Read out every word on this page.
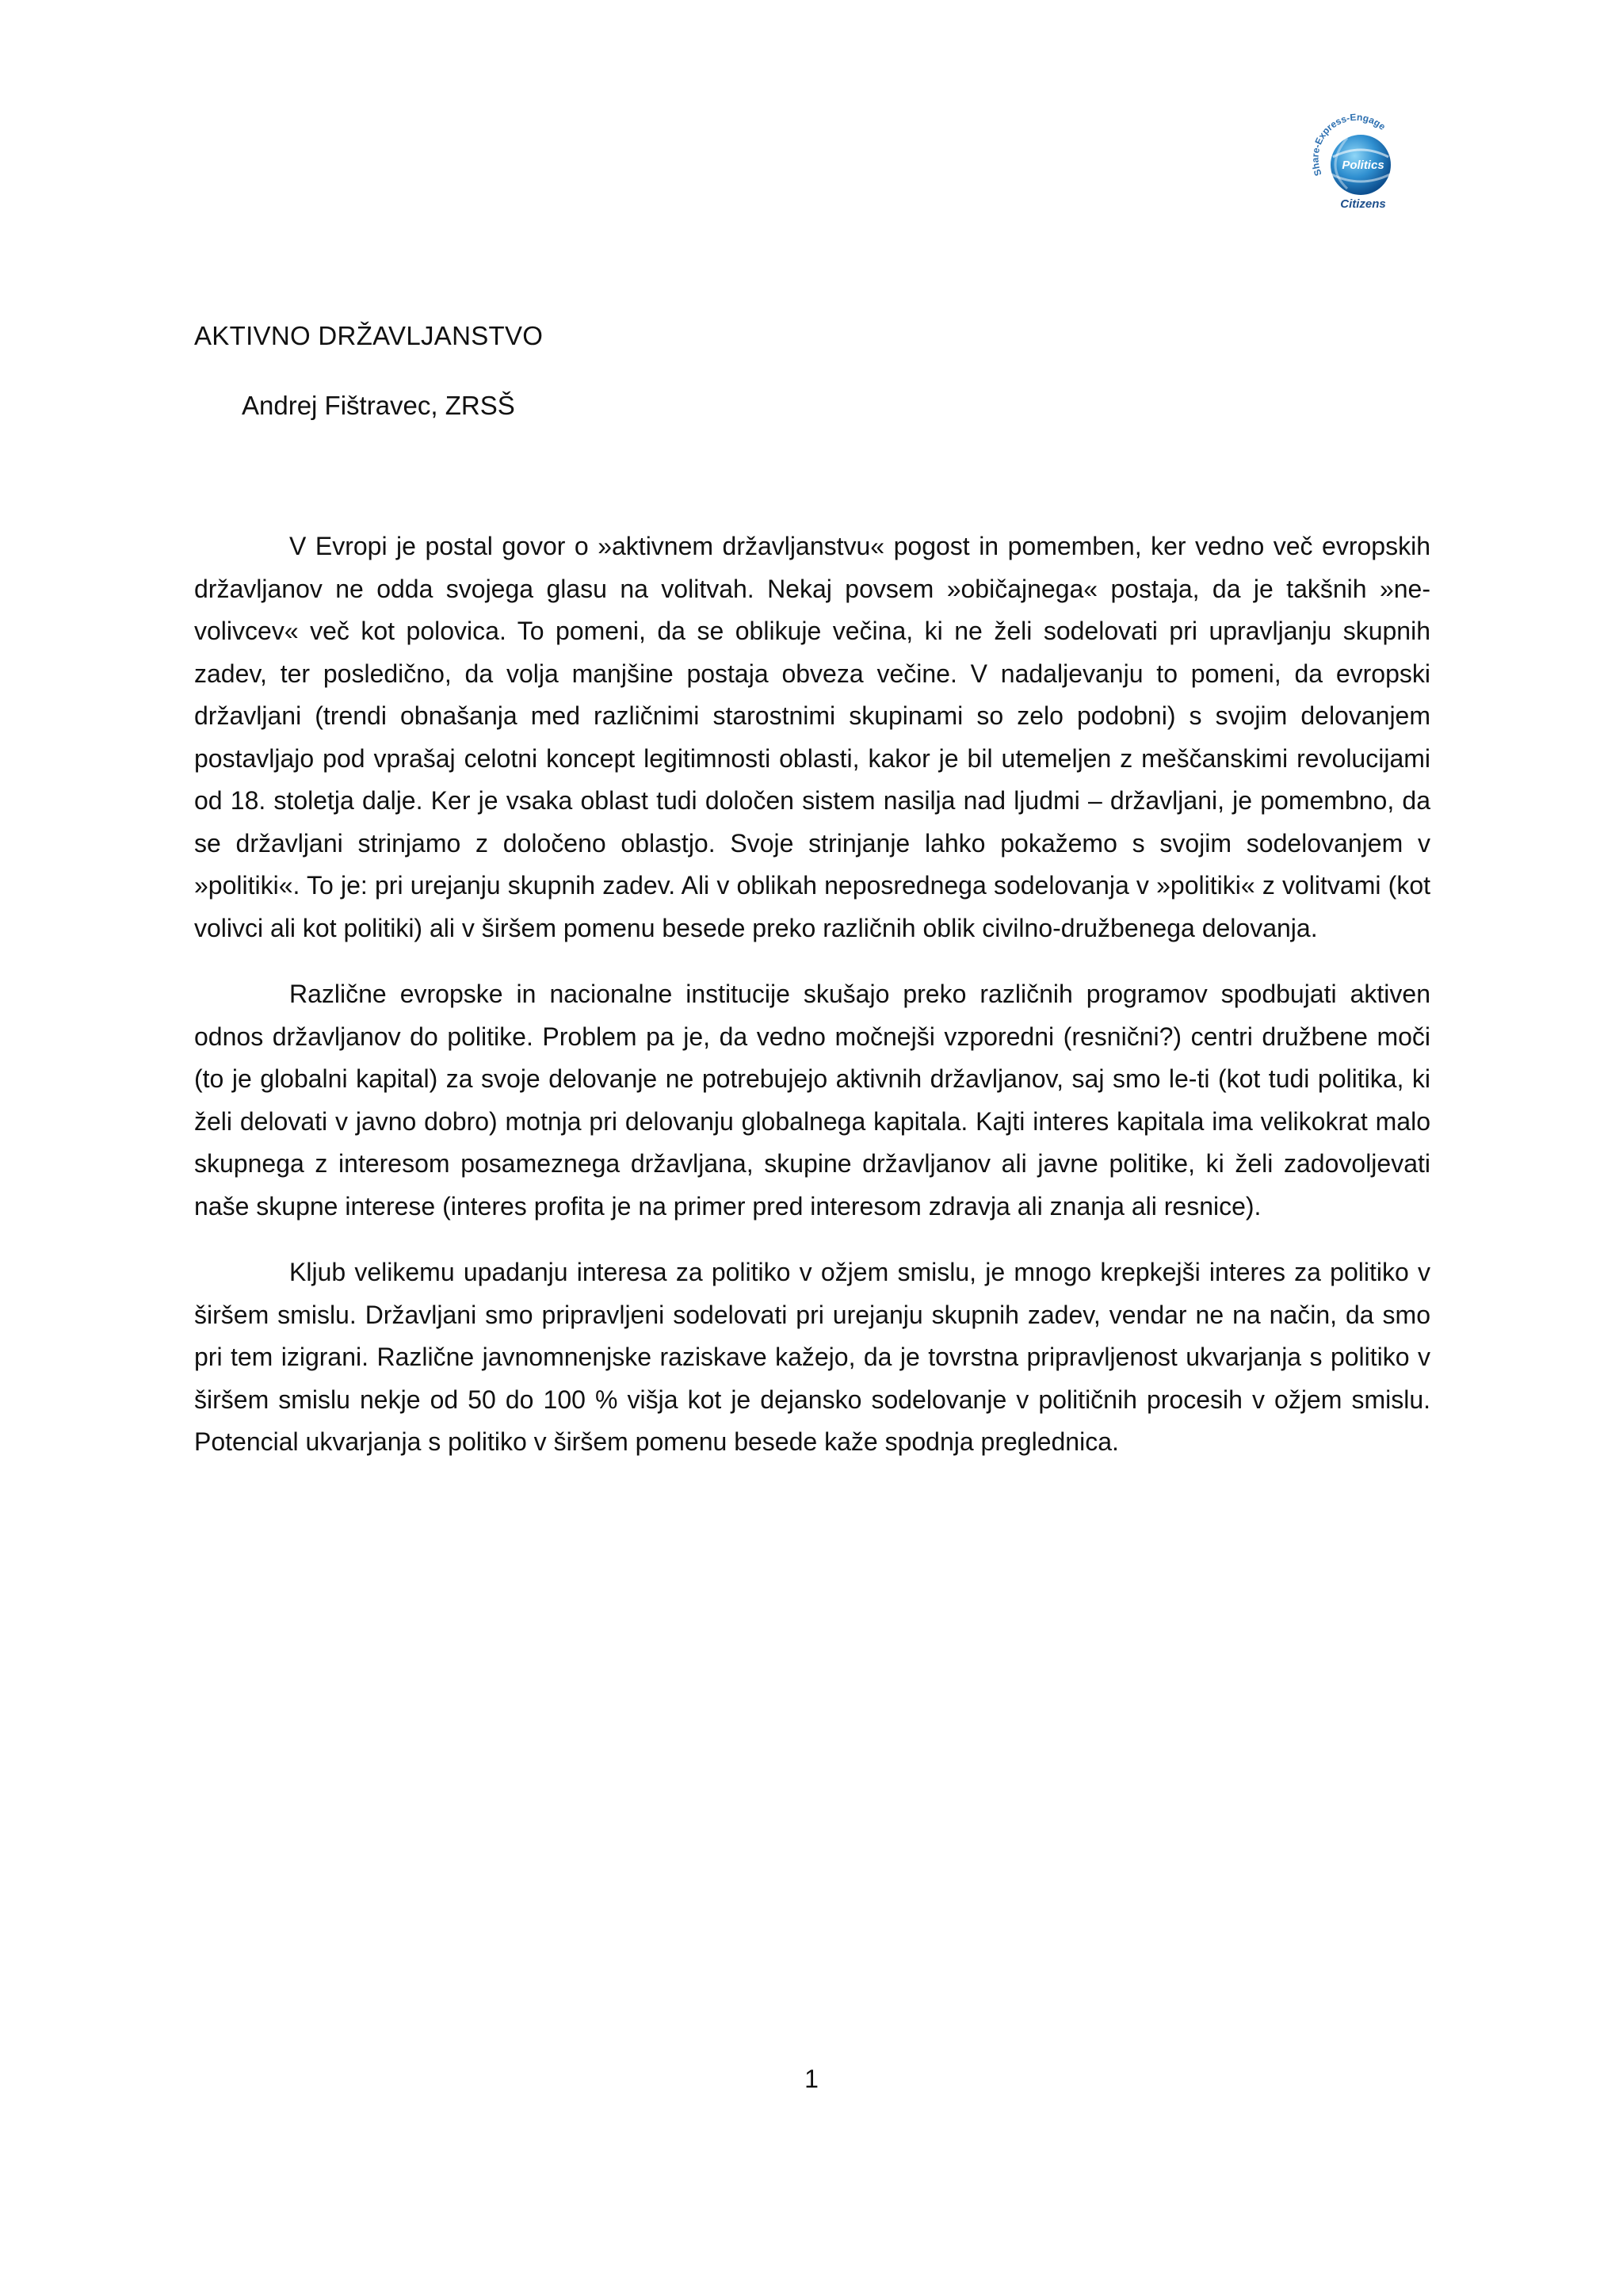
Share-Express-Engage
Politics
Citizens
AKTIVNO DRŽAVLJANSTVO
Andrej Fištravec, ZRSŠ

V Evropi je postal govor o »aktivnem državljanstvu« pogost in pomemben, ker vedno več evropskih državljanov ne odda svojega glasu na volitvah. Nekaj povsem »običajnega« postaja, da je takšnih »ne-volivcev« več kot polovica. To pomeni, da se oblikuje večina, ki ne želi sodelovati pri upravljanju skupnih zadev, ter posledično, da volja manjšine postaja obveza večine. V nadaljevanju to pomeni, da evropski državljani (trendi obnašanja med različnimi starostnimi skupinami so zelo podobni) s svojim delovanjem postavljajo pod vprašaj celotni koncept legitimnosti oblasti, kakor je bil utemeljen z meščanskimi revolucijami od 18. stoletja dalje. Ker je vsaka oblast tudi določen sistem nasilja nad ljudmi – državljani, je pomembno, da se državljani strinjamo z določeno oblastjo. Svoje strinjanje lahko pokažemo s svojim sodelovanjem v »politiki«. To je: pri urejanju skupnih zadev. Ali v oblikah neposrednega sodelovanja v »politiki« z volitvami (kot volivci ali kot politiki) ali v širšem pomenu besede preko različnih oblik civilno-družbenega delovanja.

Različne evropske in nacionalne institucije skušajo preko različnih programov spodbujati aktiven odnos državljanov do politike. Problem pa je, da vedno močnejši vzporedni (resnični?) centri družbene moči (to je globalni kapital) za svoje delovanje ne potrebujejo aktivnih državljanov, saj smo le-ti (kot tudi politika, ki želi delovati v javno dobro) motnja pri delovanju globalnega kapitala. Kajti interes kapitala ima velikokrat malo skupnega z interesom posameznega državljana, skupine državljanov ali javne politike, ki želi zadovoljevati naše skupne interese (interes profita je na primer pred interesom zdravja ali znanja ali resnice).

Kljub velikemu upadanju interesa za politiko v ožjem smislu, je mnogo krepkejši interes za politiko v širšem smislu. Državljani smo pripravljeni sodelovati pri urejanju skupnih zadev, vendar ne na način, da smo pri tem izigrani. Različne javnomnenjske raziskave kažejo, da je tovrstna pripravljenost ukvarjanja s politiko v širšem smislu nekje od 50 do 100 % višja kot je dejansko sodelovanje v političnih procesih v ožjem smislu. Potencial ukvarjanja s politiko v širšem pomenu besede kaže spodnja preglednica.

1
